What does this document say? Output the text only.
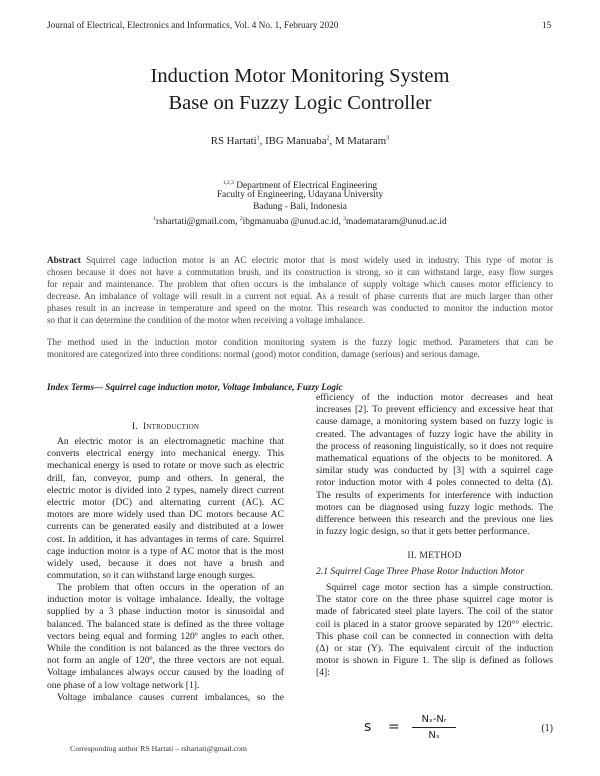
Journal of Electrical, Electronics and Informatics, Vol. 4 No. 1, February 2020	15
Induction Motor Monitoring System
Base on Fuzzy Logic Controller
RS Hartati$^1$, IBG Manuaba$^2$, M Mataram$^3$
$^{1,2,3}$ Department of Electrical Engineering
Faculty of Engineering, Udayana University
Badung - Bali, Indonesia
$^1$rshartati@gmail.com, $^2$ibgmanuaba @unud.ac.id, $^3$mademataram@unud.ac.id
Abstract Squirrel cage induction motor is an AC electric motor that is most widely used in industry. This type of motor is
chosen because it does not have a commutation brush, and its construction is strong, so it can withstand large, easy flow surges
for repair and maintenance. The problem that often occurs is the imbalance of supply voltage which causes motor efficiency to
decrease. An imbalance of voltage will result in a current not equal. As a result of phase currents that are much larger than other
phases result in an increase in temperature and speed on the motor. This research was conducted to monitor the induction motor
so that it can determine the condition of the motor when receiving a voltage imbalance.
The method used in the induction motor condition monitoring system is the fuzzy logic method. Parameters that can be
monitored are categorized into three conditions: normal (good) motor condition, damage (serious) and serious damage.
Index Terms— Squirrel cage induction motor, Voltage Imbalance, Fuzzy Logic
I. Introduction
An electric motor is an electromagnetic machine that
converts electrical energy into mechanical energy. This
mechanical energy is used to rotate or move such as electric
drill, fan, conveyor, pump and others. In general, the
electric motor is divided into 2 types, namely direct current
electric motor (DC) and alternating current (AC). AC
motors are more widely used than DC motors because AC
currents can be generated easily and distributed at a lower
cost. In addition, it has advantages in terms of care. Squirrel
cage induction motor is a type of AC motor that is the most
widely used, because it does not have a brush and
commutation, so it can withstand large enough surges.
The problem that often occurs in the operation of an
induction motor is voltage imbalance. Ideally, the voltage
supplied by a 3 phase induction motor is sinusoidal and
balanced. The balanced state is defined as the three voltage
vectors being equal and forming 120º angles to each other.
While the condition is not balanced as the three vectors do
not form an angle of 120º, the three vectors are not equal.
Voltage imbalances always occur caused by the loading of
one phase of a low voltage network [1].
Voltage imbalance causes current imbalances, so the
efficiency of the induction motor decreases and heat
increases [2]. To prevent efficiency and excessive heat that
cause damage, a monitoring system based on fuzzy logic is
created. The advantages of fuzzy logic have the ability in
the process of reasoning linguistically, so it does not require
mathematical equations of the objects to be monitored. A
similar study was conducted by [3] with a squirrel cage
rotor induction motor with 4 poles connected to delta (Δ).
The results of experiments for interference with induction
motors can be diagnosed using fuzzy logic methods. The
difference between this research and the previous one lies
in fuzzy logic design, so that it gets better performance.
II. METHOD
2.1 Squirrel Cage Three Phase Rotor Induction Motor
Squirrel cage motor section has a simple construction.
The stator core on the three phase squirrel cage motor is
made of fabricated steel plate layers. The coil of the stator
coil is placed in a stator groove separated by 120°° electric.
This phase coil can be connected in connection with delta
(Δ) or star (Y). The equivalent circuit of the induction
motor is shown in Figure 1. The slip is defined as follows
[4]:
s =	Nₛ-Nᵣ
Nₛ
(1)
Corresponding author RS Hartati – rshartati@gmail.com
